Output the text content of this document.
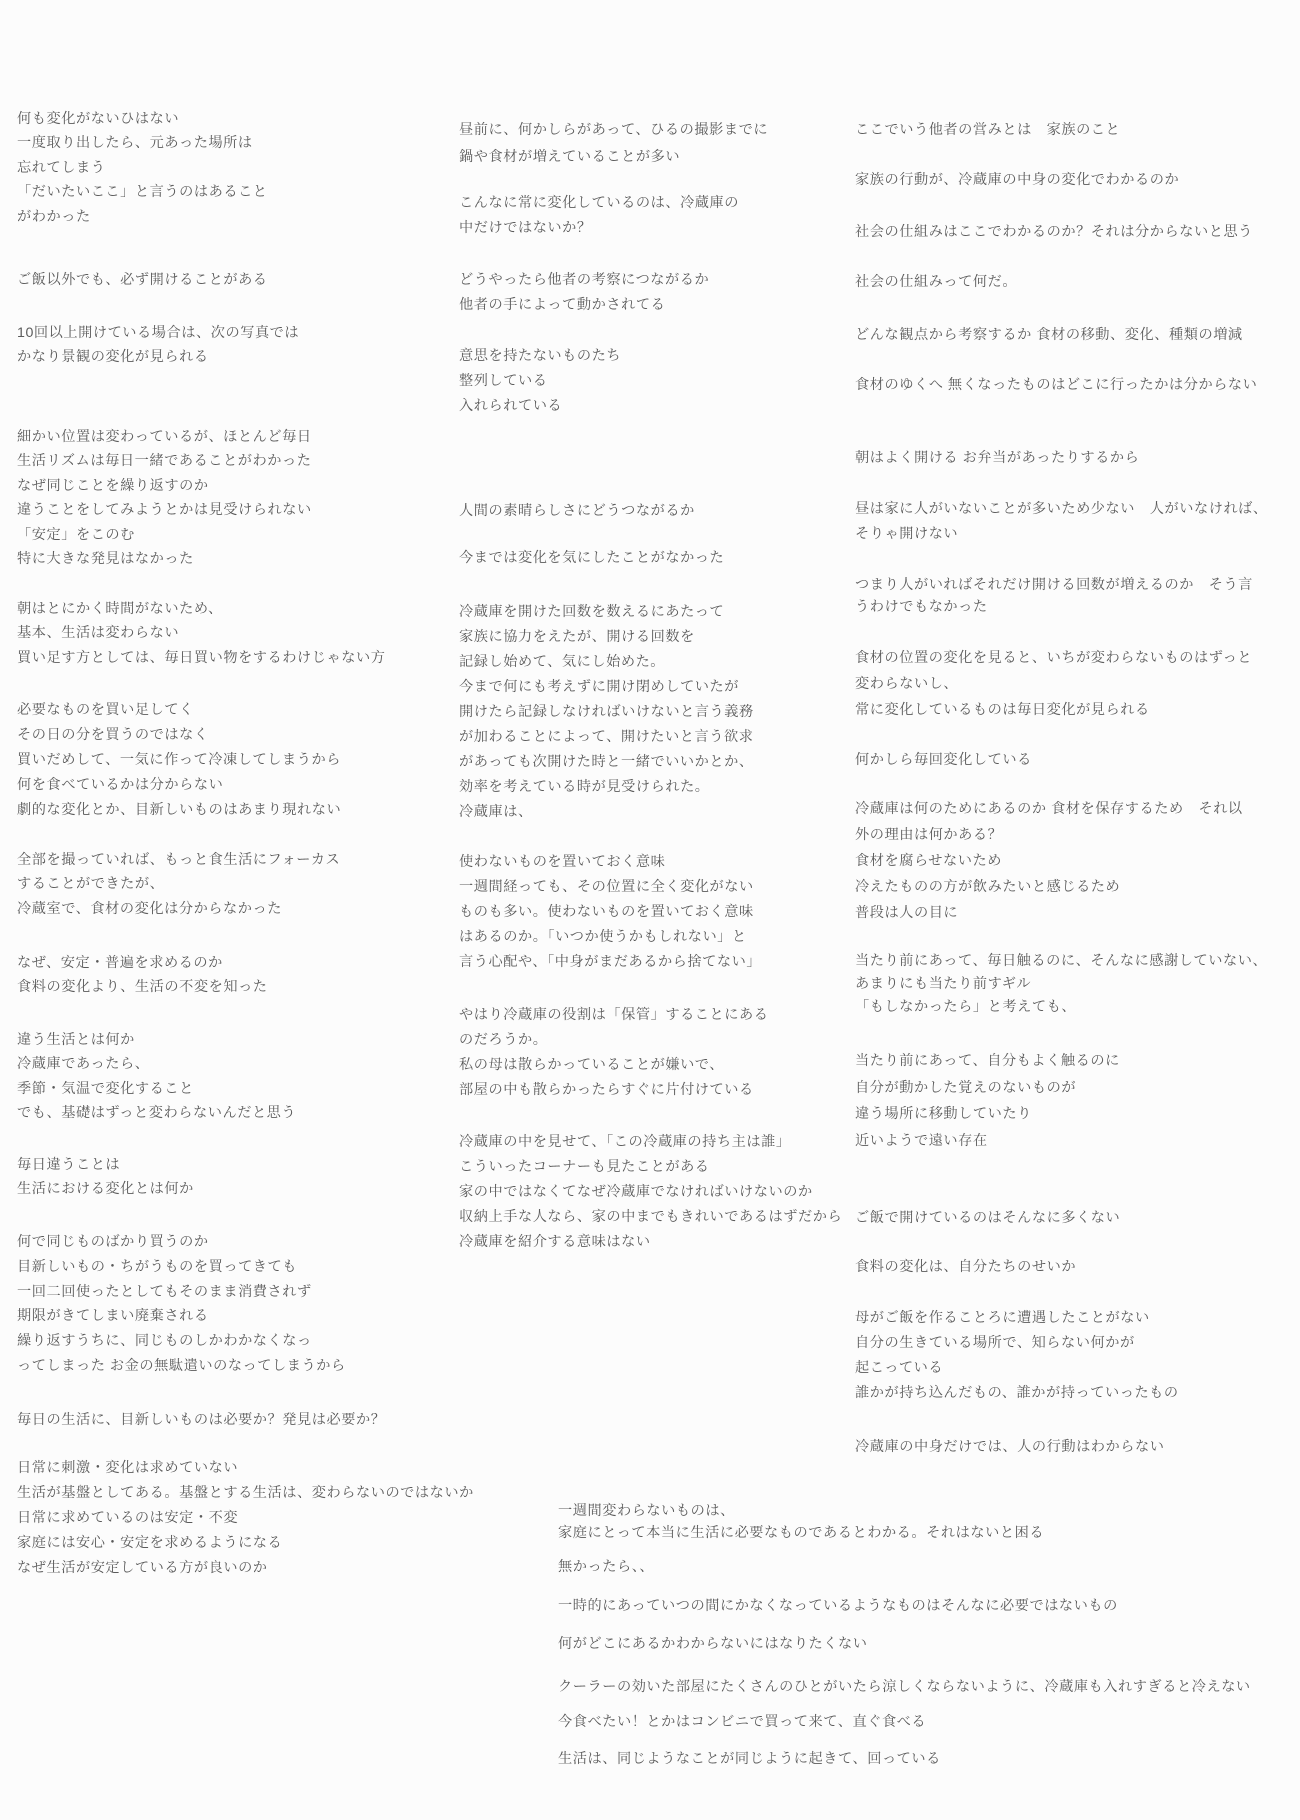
何も変化がないひはない
一度取り出したら、元あった場所は
忘れてしまう
「だいたいここ」と言うのはあること
がわかった
ご飯以外でも、必ず開けることがある
10回以上開けている場合は、次の写真では
かなり景観の変化が見られる
細かい位置は変わっているが、ほとんど毎日
生活リズムは毎日一緒であることがわかった
なぜ同じことを繰り返すのか
違うことをしてみようとかは見受けられない
「安定」をこのむ
特に大きな発見はなかった
朝はとにかく時間がないため、
基本、生活は変わらない
買い足す方としては、毎日買い物をするわけじゃない方
必要なものを買い足してく
その日の分を買うのではなく
買いだめして、一気に作って冷凍してしまうから
何を食べているかは分からない
劇的な変化とか、目新しいものはあまり現れない
全部を撮っていれば、もっと食生活にフォーカス
することができたが、
冷蔵室で、食材の変化は分からなかった
なぜ、安定・普遍を求めるのか
食料の変化より、生活の不変を知った
違う生活とは何か
冷蔵庫であったら、
季節・気温で変化すること
でも、基礎はずっと変わらないんだと思う
毎日違うことは
生活における変化とは何か
何で同じものばかり買うのか
目新しいもの・ちがうものを買ってきても
一回二回使ったとしてもそのまま消費されず
期限がきてしまい廃棄される
繰り返すうちに、同じものしかわかなくなっ
ってしまった お金の無駄遣いのなってしまうから
毎日の生活に、目新しいものは必要か？発見は必要か？
日常に刺激・変化は求めていない
生活が基盤としてある。基盤とする生活は、変わらないのではないか
日常に求めているのは安定・不変
家庭には安心・安定を求めるようになる
なぜ生活が安定している方が良いのか
昼前に、何かしらがあって、ひるの撮影までに
鍋や食材が増えていることが多い
こんなに常に変化しているのは、冷蔵庫の
中だけではないか？
どうやったら他者の考察につながるか
他者の手によって動かされてる
意思を持たないものたち
整列している
入れられている
人間の素晴らしさにどうつながるか
今までは変化を気にしたことがなかった
冷蔵庫を開けた回数を数えるにあたって
家族に協力をえたが、開ける回数を
記録し始めて、気にし始めた。
今まで何にも考えずに開け閉めしていたが
開けたら記録しなければいけないと言う義務
が加わることによって、開けたいと言う欲求
があっても次開けた時と一緒でいいかとか、
効率を考えている時が見受けられた。
冷蔵庫は、
使わないものを置いておく意味
一週間経っても、その位置に全く変化がない
ものも多い。使わないものを置いておく意味
はあるのか。「いつか使うかもしれない」と
言う心配や、「中身がまだあるから捨てない」
やはり冷蔵庫の役割は「保管」することにある
のだろうか。
私の母は散らかっていることが嫌いで、
部屋の中も散らかったらすぐに片付けている
冷蔵庫の中を見せて、「この冷蔵庫の持ち主は誰」
こういったコーナーも見たことがある
家の中ではなくてなぜ冷蔵庫でなければいけないのか
収納上手な人なら、家の中までもきれいであるはずだから
冷蔵庫を紹介する意味はない
ここでいう他者の営みとは　家族のこと
家族の行動が、冷蔵庫の中身の変化でわかるのか
社会の仕組みはここでわかるのか？それは分からないと思う
社会の仕組みって何だ。
どんな観点から考察するか 食材の移動、変化、種類の増減
食材のゆくへ 無くなったものはどこに行ったかは分からない
朝はよく開ける お弁当があったりするから
昼は家に人がいないことが多いため少ない　人がいなければ、
そりゃ開けない
つまり人がいればそれだけ開ける回数が増えるのか　そう言
うわけでもなかった
食材の位置の変化を見ると、いちが変わらないものはずっと
変わらないし、
常に変化しているものは毎日変化が見られる
何かしら毎回変化している
冷蔵庫は何のためにあるのか 食材を保存するため　それ以
外の理由は何かある？
食材を腐らせないため
冷えたものの方が飲みたいと感じるため
普段は人の目に
当たり前にあって、毎日触るのに、そんなに感謝していない、
あまりにも当たり前すギル
「もしなかったら」と考えても、
当たり前にあって、自分もよく触るのに
自分が動かした覚えのないものが
違う場所に移動していたり
近いようで遠い存在
ご飯で開けているのはそんなに多くない
食料の変化は、自分たちのせいか
母がご飯を作ることろに遭遇したことがない
自分の生きている場所で、知らない何かが
起こっている
誰かが持ち込んだもの、誰かが持っていったもの
冷蔵庫の中身だけでは、人の行動はわからない
一週間変わらないものは、
家庭にとって本当に生活に必要なものであるとわかる。それはないと困る
無かったら、、
一時的にあっていつの間にかなくなっているようなものはそんなに必要ではないもの
何がどこにあるかわからないにはなりたくない
クーラーの効いた部屋にたくさんのひとがいたら涼しくならないように、冷蔵庫も入れすぎると冷えない
今食べたい！とかはコンビニで買って来て、直ぐ食べる
生活は、同じようなことが同じように起きて、回っている
